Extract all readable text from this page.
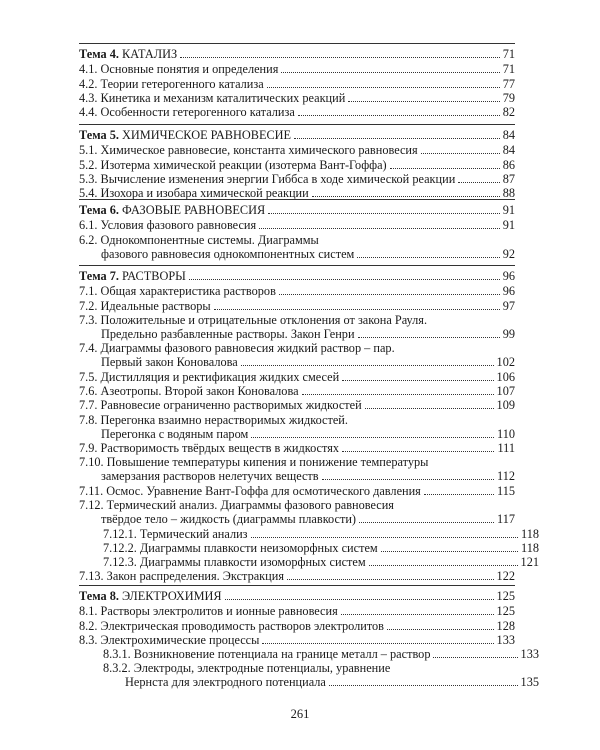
Тема 4. КАТАЛИЗ	71
4.1. Основные понятия и определения	71
4.2. Теории гетерогенного катализа	77
4.3. Кинетика и механизм каталитических реакций	79
4.4. Особенности гетерогенного катализа	82
Тема 5. ХИМИЧЕСКОЕ РАВНОВЕСИЕ	84
5.1. Химическое равновесие, константа химического равновесия	84
5.2. Изотерма химической реакции (изотерма Вант-Гоффа)	86
5.3. Вычисление изменения энергии Гиббса в ходе химической реакции	87
5.4. Изохора и изобара химической реакции	88
Тема 6. ФАЗОВЫЕ РАВНОВЕСИЯ	91
6.1. Условия фазового равновесия	91
6.2. Однокомпонентные системы. Диаграммы
фазового равновесия однокомпонентных систем	92
Тема 7. РАСТВОРЫ	96
7.1. Общая характеристика растворов	96
7.2. Идеальные растворы	97
7.3. Положительные и отрицательные отклонения от закона Рауля.
Предельно разбавленные растворы. Закон Генри	99
7.4. Диаграммы фазового равновесия жидкий раствор – пар.
Первый закон Коновалова	102
7.5. Дистилляция и ректификация жидких смесей	106
7.6. Азеотропы. Второй закон Коновалова	107
7.7. Равновесие ограниченно растворимых жидкостей	109
7.8. Перегонка взаимно нерастворимых жидкостей.
Перегонка с водяным паром	110
7.9. Растворимость твёрдых веществ в жидкостях	111
7.10. Повышение температуры кипения и понижение температуры
замерзания растворов нелетучих веществ	112
7.11. Осмос. Уравнение Вант-Гоффа для осмотического давления	115
7.12. Термический анализ. Диаграммы фазового равновесия
твёрдое тело – жидкость (диаграммы плавкости)	117
7.12.1. Термический анализ	118
7.12.2. Диаграммы плавкости неизоморфных систем	118
7.12.3. Диаграммы плавкости изоморфных систем	121
7.13. Закон распределения. Экстракция	122
Тема 8. ЭЛЕКТРОХИМИЯ	125
8.1. Растворы электролитов и ионные равновесия	125
8.2. Электрическая проводимость растворов электролитов	128
8.3. Электрохимические процессы	133
8.3.1. Возникновение потенциала на границе металл – раствор	133
8.3.2. Электроды, электродные потенциалы, уравнение
Нернста для электродного потенциала	135
261
